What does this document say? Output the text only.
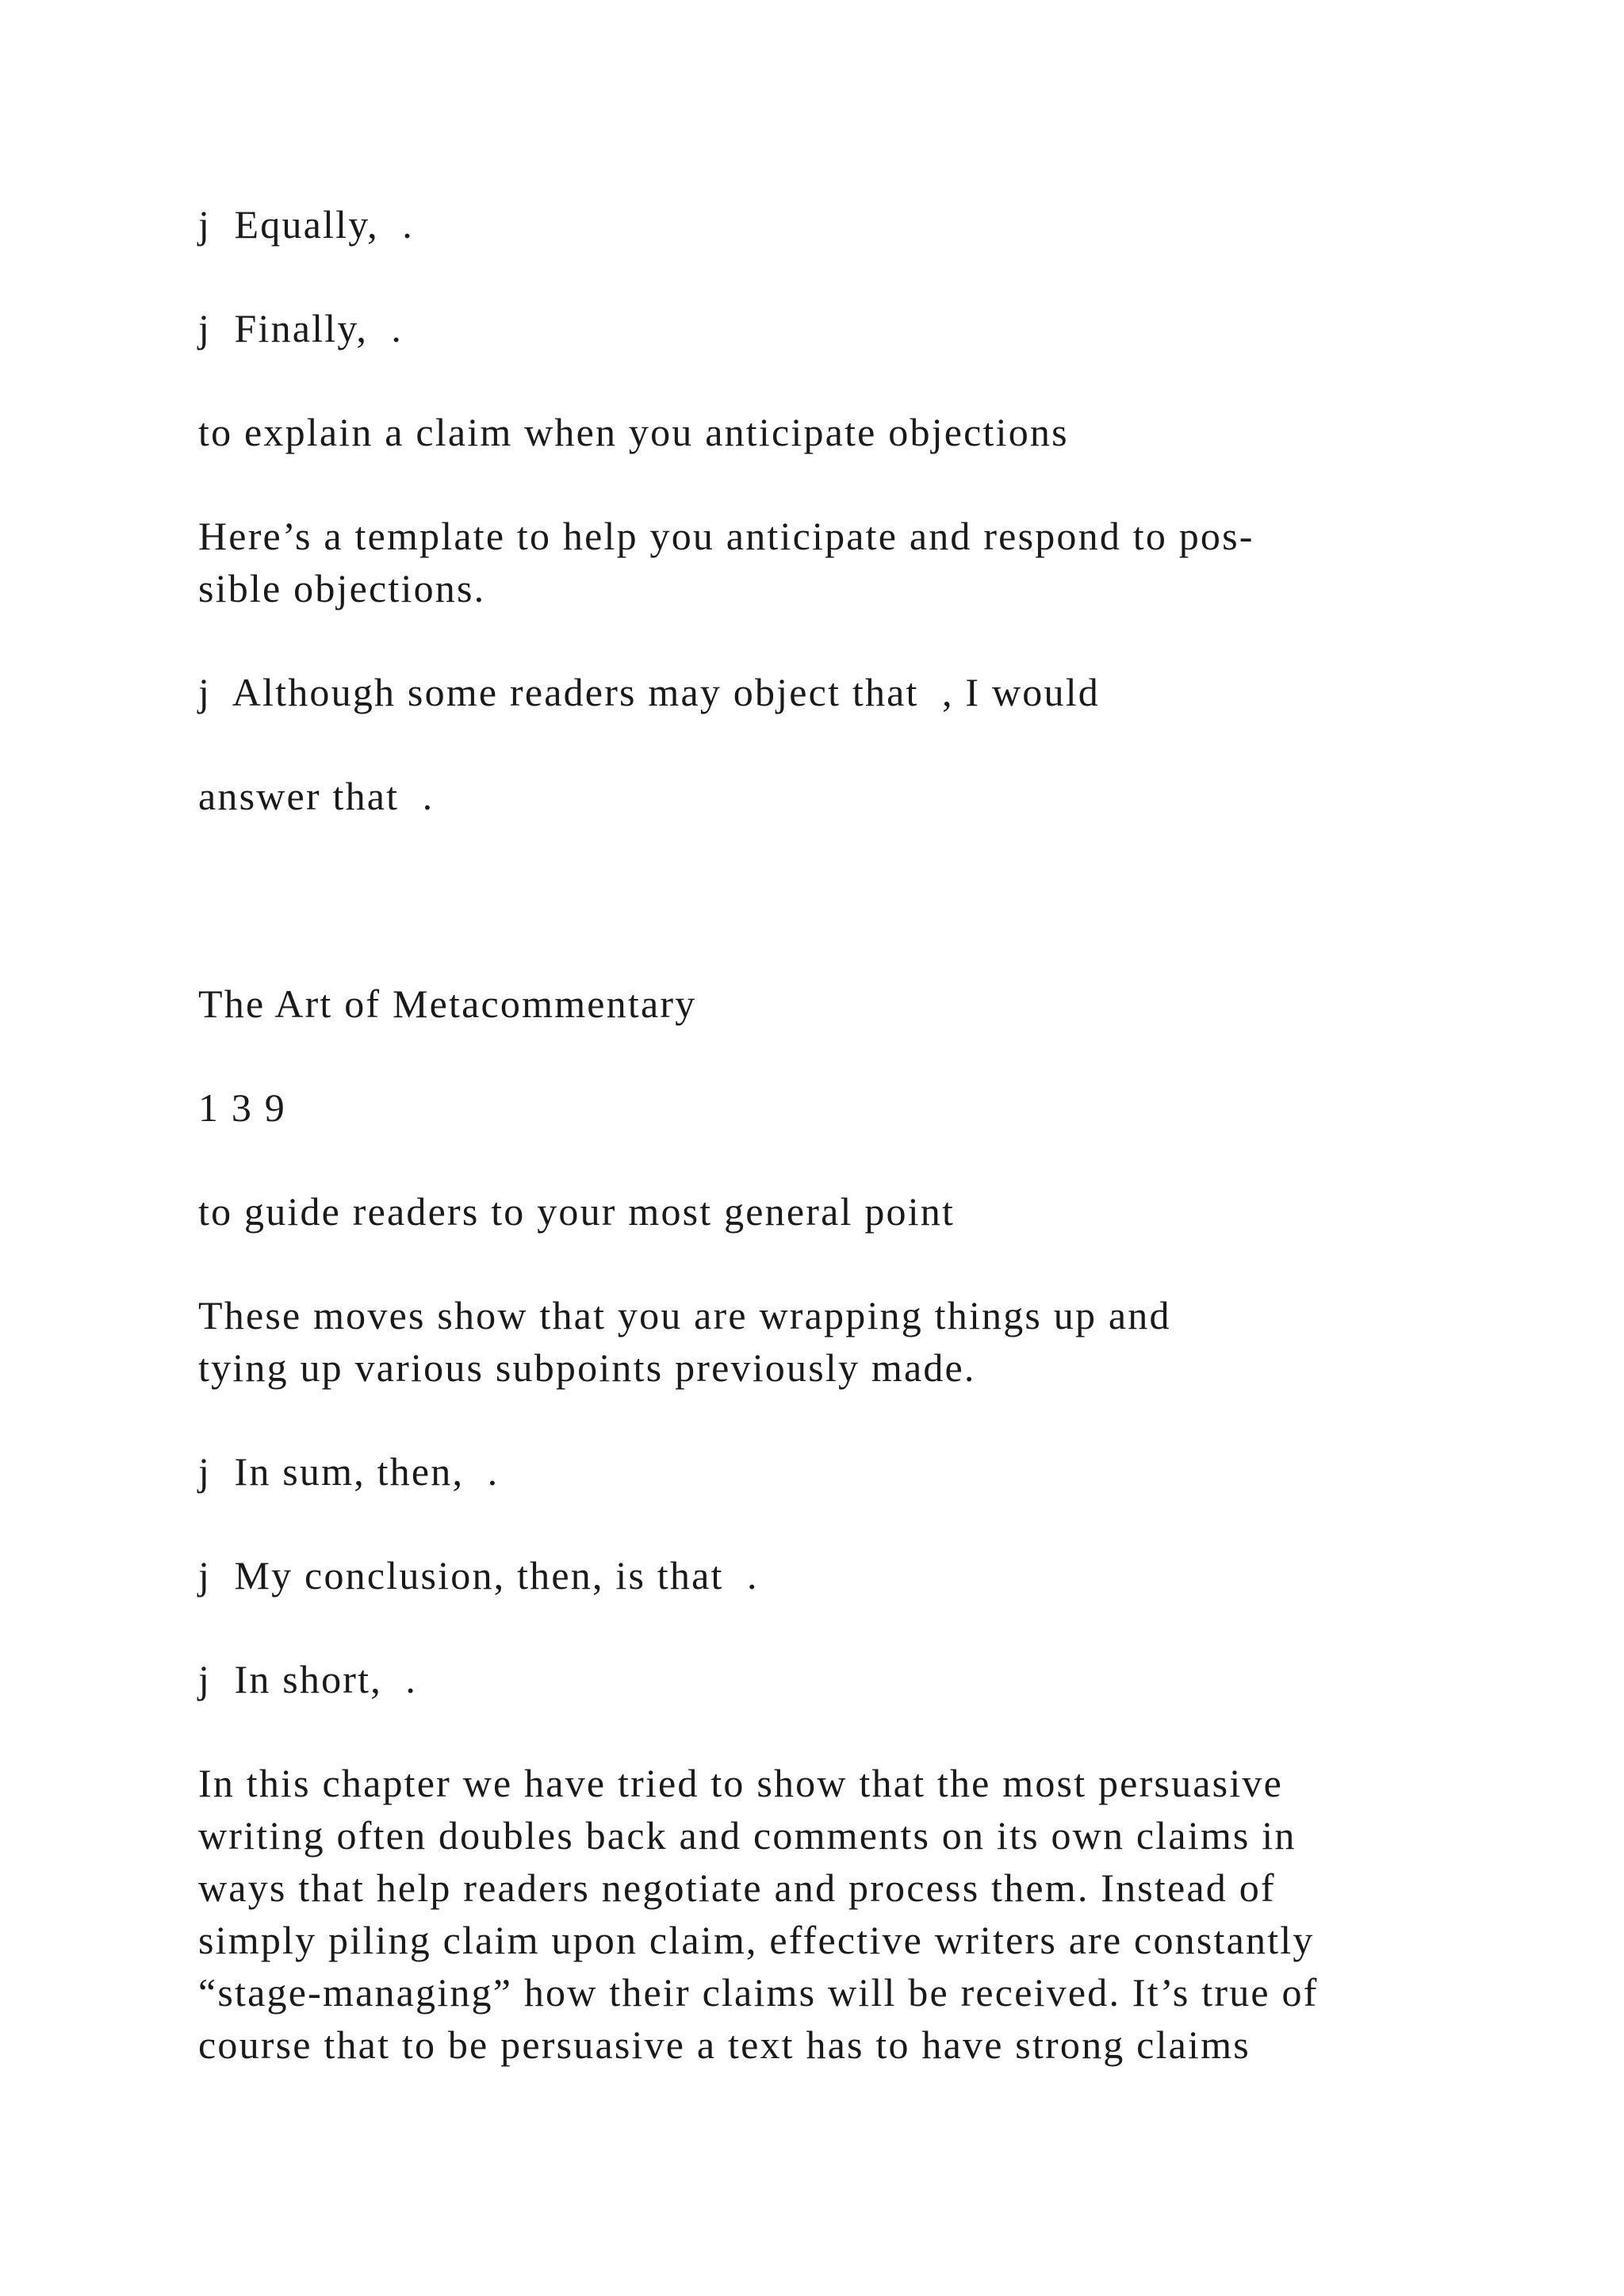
j  Equally,  .

j  Finally,  .

to explain a claim when you anticipate objections

Here’s a template to help you anticipate and respond to pos-

sible objections.

j  Although some readers may object that  , I would

answer that  .

The Art of Metacommentary

1 3 9

to guide readers to your most general point

These moves show that you are wrapping things up and

tying up various subpoints previously made.

j  In sum, then,  .

j  My conclusion, then, is that  .

j  In short,  .

In this chapter we have tried to show that the most persuasive

writing often doubles back and comments on its own claims in

ways that help readers negotiate and process them. Instead of

simply piling claim upon claim, effective writers are constantly

“stage-managing” how their claims will be received. It’s true of

course that to be persuasive a text has to have strong claims
